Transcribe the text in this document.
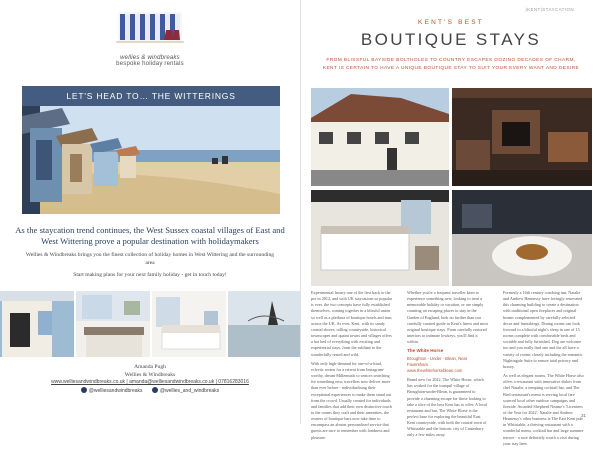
wellies & windbreaks
bespoke holiday rentals
LET'S HEAD TO… THE WITTERINGS
As the staycation trend continues, the West Sussex coastal villages of East and West Wittering prove a popular destination with holidaymakers
Wellies & Windbreaks brings you the finest collection of holiday homes in West Wittering and the surrounding area
Start making plans for your next family holiday - get in touch today!
Amanda Pugh
Wellies & Windbreaks
www.welliesandwindbreaks.co.uk | amanda@welliesandwindbreaks.co.uk | 07816283016
@welliesandwindbreaks	@wellies_and_windbreaks
|KENT|STAYCATION
KENT'S BEST
BOUTIQUE STAYS
FROM BLISSFUL BAYSIDE BOLTHOLES TO COUNTRY ESCAPES OOZING DECADES OF CHARM,
KENT IS CERTAIN TO HAVE A UNIQUE BOUTIQUE STAY TO SUIT YOUR EVERY WANT AND DESIRE

Experimental luxury one of the first back to the pre in 2012, and with UK staycations so popular is ever, the two concepts have fully established themselves, coming together in a blissful union so well as a plethora of boutique hotels and inns across the UK. As ever, Kent, with its sandy coastal shores, rolling countryside, historical townscapes and quaint towns and villages offers a hot bed of everything with exciting and experiential stays, from the sublime to the wonderfully rested and wild.

With only high-demand for one-of-a-kind, eclectic rooms for a retreat from Instagram-worthy, dream Millennials to seniors searching for something new, travellers now deliver more than ever before - individualising their exceptional experiences to make them stand out from the crowd. Usually created for individuals and families that add their own distinctive touch to the rooms they craft and their amenities, the owners of boutique bars now take time to encompass an almost personalised service that guests are sure to remember with fondness and pleasure.

Whether you're a frequent traveller keen to experience something new, looking to treat a memorable holiday or vacation, or are simply counting on escaping places to stay in the Garden of England, look no further than our carefully curated guide to Kent's finest and most original boutique stays. From carefully restored interiors to intimate lowkeys, you'll find it within.

The White Horse
Broughton - Under - Blean, Near Faversham
www.thewhitehorseblean.com

Brand new for 2022, The White Horse, which has worked for the tranquil village of Broughton-under-Blean, is guaranteed to provide a charming escape for those looking to take a slice of the best Kent has to offer. A local restaurant and bar, The White Horse is the perfect base for exploring the beautiful East Kent countryside, with both the coastal town of Whitstable and the historic city of Canterbury only a few miles away.

Formerly a 16th century coaching inn, Natalie and Andrew Hennessy have lovingly renovated this charming building to create a destination with traditional open fireplaces and original beams complemented by carefully selected decor and furnishings. Dining rooms can look forward to a blissful night's sleep in one of 15 rooms complete with comfortable beds and sociable and fully furnished. Dog are welcome too and you really find one and the all have a variety of rooms closely including the romantic Nightingale Suite to ensure total privacy and luxury.

As well as elegant rooms, The White Horse also offers a restaurant with innovative dishes from chef Natalie, a tempting cocktail bar, and The Bird restaurant's menu is serving local fare sourced local other outdoor campaigns and fireside. Awarded Shepherd Neame's 'Licensees of the Year for 2022', Natalie and Andrew Hennessy's other business is The East Kent pub in Whitstable, a thriving restaurant with a wonderful menu, cocktail bar and large summer terrace - a sure definitely worth a visit during your stay here.

31
